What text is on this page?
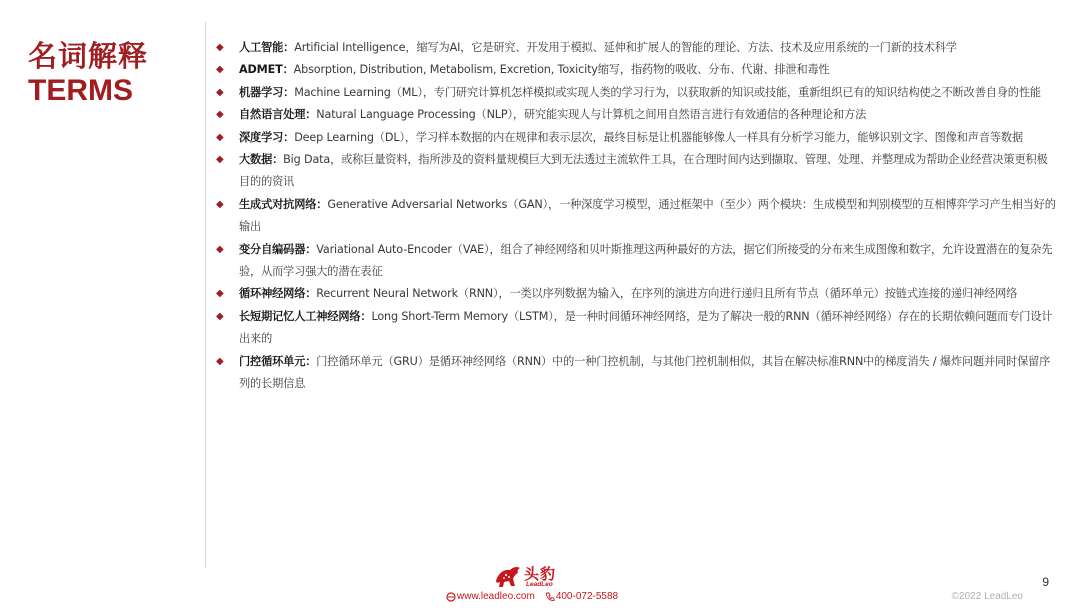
名词解释
TERMS
◆ 人工智能：Artificial Intelligence，缩写为AI，它是研究、开发用于模拟、延伸和扩展人的智能的理论、方法、技术及应用系统的一门新的技术科学
◆ ADMET：Absorption, Distribution, Metabolism, Excretion, Toxicity缩写，指药物的吸收、分布、代谢、排泄和毒性
◆ 机器学习：Machine Learning（ML），专门研究计算机怎样模拟或实现人类的学习行为，以获取新的知识或技能，重新组织已有的知识结构使之不断改善自身的性能
◆ 自然语言处理：Natural Language Processing（NLP），研究能实现人与计算机之间用自然语言进行有效通信的各种理论和方法
◆ 深度学习：Deep Learning（DL），学习样本数据的内在规律和表示层次，最终目标是让机器能够像人一样具有分析学习能力，能够识别文字、图像和声音等数据
◆ 大数据：Big Data，或称巨量资料，指所涉及的资料量规模巨大到无法透过主流软件工具，在合理时间内达到撷取、管理、处理、并整理成为帮助企业经营决策更积极目的的资讯
◆ 生成式对抗网络：Generative Adversarial Networks（GAN），一种深度学习模型，通过框架中（至少）两个模块：生成模型和判别模型的互相博弈学习产生相当好的输出
◆ 变分自编码器：Variational Auto-Encoder（VAE），组合了神经网络和贝叶斯推理这两种最好的方法，据它们所接受的分布来生成图像和数字，允许设置潜在的复杂先验，从而学习强大的潜在表征
◆ 循环神经网络：Recurrent Neural Network（RNN），一类以序列数据为输入，在序列的演进方向进行递归且所有节点（循环单元）按链式连接的递归神经网络
◆ 长短期记忆人工神经网络：Long Short-Term Memory（LSTM），是一种时间循环神经网络，是为了解决一般的RNN（循环神经网络）存在的长期依赖问题而专门设计出来的
◆ 门控循环单元：门控循环单元（GRU）是循环神经网络（RNN）中的一种门控机制，与其他门控机制相似，其旨在解决标准RNN中的梯度消失 / 爆炸问题并同时保留序列的长期信息
头豹
LeadLeo
www.leadleo.com 400-072-5588
9
©2022 LeadLeo
